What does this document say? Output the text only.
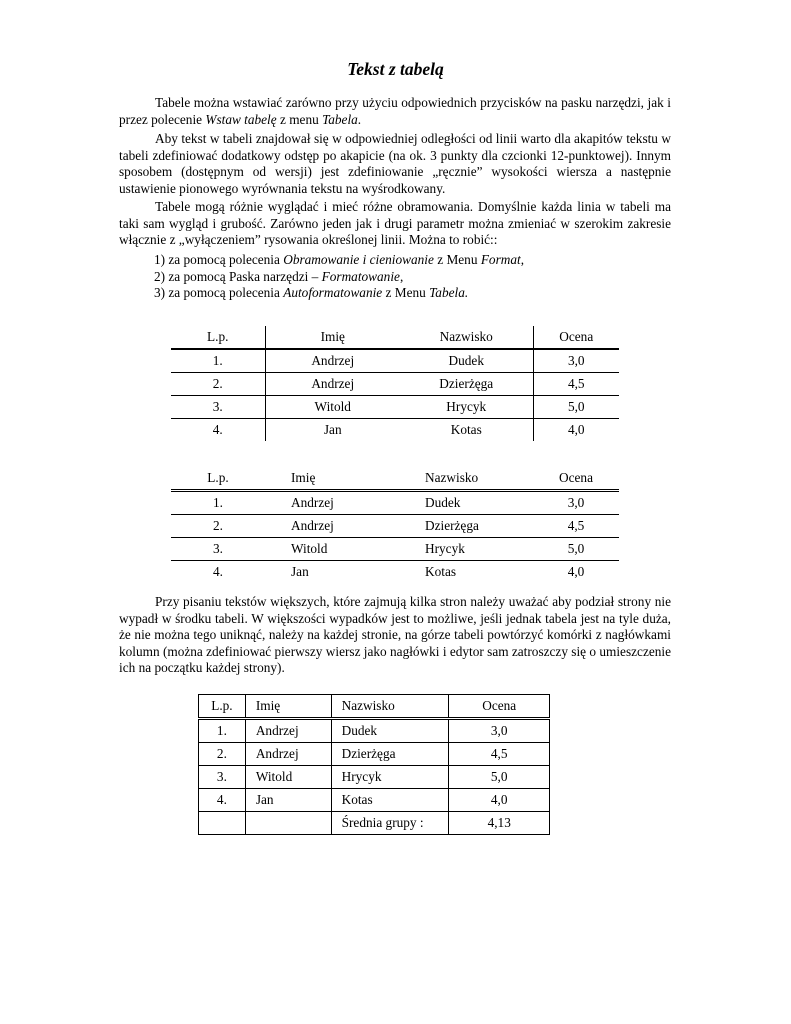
Tekst z tabelą

Tabele można wstawiać zarówno przy użyciu odpowiednich przycisków na pasku narzędzi, jak i przez polecenie Wstaw tabelę z menu Tabela.

Aby tekst w tabeli znajdował się w odpowiedniej odległości od linii warto dla akapitów tekstu w tabeli zdefiniować dodatkowy odstęp po akapicie (na ok. 3 punkty dla czcionki 12-punktowej). Innym sposobem (dostępnym od wersji) jest zdefiniowanie „ręcznie” wysokości wiersza a następnie ustawienie pionowego wyrównania tekstu na wyśrodkowany.

Tabele mogą różnie wyglądać i mieć różne obramowania. Domyślnie każda linia w tabeli ma taki sam wygląd i grubość. Zarówno jeden jak i drugi parametr można zmieniać w szerokim zakresie włącznie z „wyłączeniem” rysowania określonej linii. Można to robić::

1) za pomocą polecenia Obramowanie i cieniowanie z Menu Format,
2) za pomocą Paska narzędzi – Formatowanie,
3) za pomocą polecenia Autoformatowanie z Menu Tabela.
L.p.	Imię	Nazwisko	Ocena
1.	Andrzej	Dudek	3,0
2.	Andrzej	Dzierżęga	4,5
3.	Witold	Hrycyk	5,0
4.	Jan	Kotas	4,0
L.p.	Imię	Nazwisko	Ocena
1.	Andrzej	Dudek	3,0
2.	Andrzej	Dzierżęga	4,5
3.	Witold	Hrycyk	5,0
4.	Jan	Kotas	4,0

Przy pisaniu tekstów większych, które zajmują kilka stron należy uważać aby podział strony nie wypadł w środku tabeli. W większości wypadków jest to możliwe, jeśli jednak tabela jest na tyle duża, że nie można tego uniknąć, należy na każdej stronie, na górze tabeli powtórzyć komórki z nagłówkami kolumn (można zdefiniować pierwszy wiersz jako nagłówki i edytor sam zatroszczy się o umieszczenie ich na początku każdej strony).

L.p.	Imię	Nazwisko	Ocena
1.	Andrzej	Dudek	3,0
2.	Andrzej	Dzierżęga	4,5
3.	Witold	Hrycyk	5,0
4.	Jan	Kotas	4,0
		Średnia grupy :	4,13
